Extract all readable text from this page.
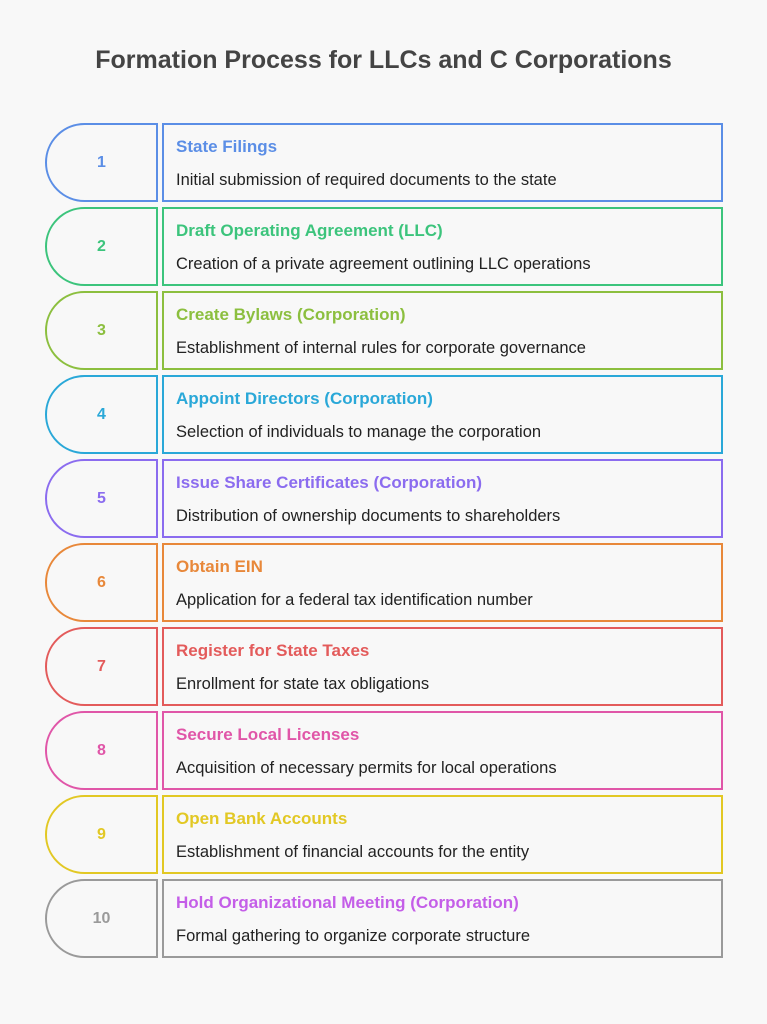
Formation Process for LLCs and C Corporations
1
State Filings
Initial submission of required documents to the state
2
Draft Operating Agreement (LLC)
Creation of a private agreement outlining LLC operations
3
Create Bylaws (Corporation)
Establishment of internal rules for corporate governance
4
Appoint Directors (Corporation)
Selection of individuals to manage the corporation
5
Issue Share Certificates (Corporation)
Distribution of ownership documents to shareholders
6
Obtain EIN
Application for a federal tax identification number
7
Register for State Taxes
Enrollment for state tax obligations
8
Secure Local Licenses
Acquisition of necessary permits for local operations
9
Open Bank Accounts
Establishment of financial accounts for the entity
10
Hold Organizational Meeting (Corporation)
Formal gathering to organize corporate structure
